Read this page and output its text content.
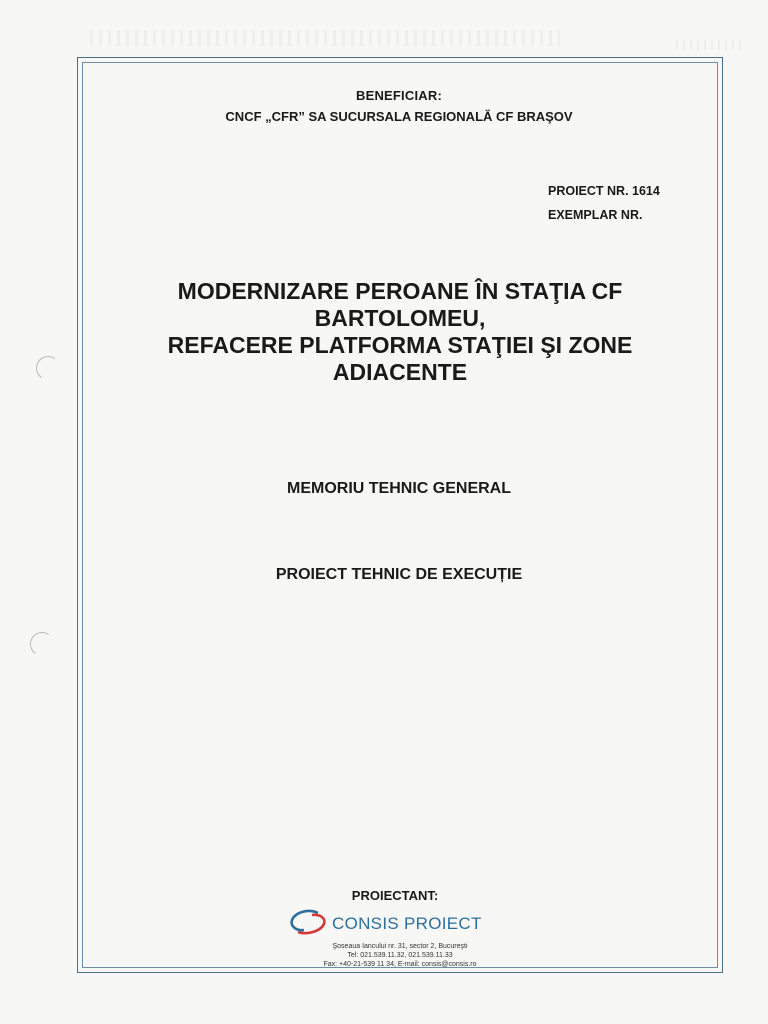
BENEFICIAR:
CNCF „CFR” SA SUCURSALA REGIONALĂ CF BRAŞOV
PROIECT NR. 1614
EXEMPLAR NR.
MODERNIZARE PEROANE ÎN STAŢIA CF
BARTOLOMEU,
REFACERE PLATFORMA STAŢIEI ŞI ZONE
ADIACENTE
MEMORIU TEHNIC GENERAL
PROIECT TEHNIC DE EXECUȚIE
PROIECTANT:
CONSIS PROIECT
Şoseaua Iancului nr. 31, sector 2, Bucureşti
Tel: 021.539.11.32, 021.539.11.33
Fax: +40-21-539 11 34, E-mail: consis@consis.ro
